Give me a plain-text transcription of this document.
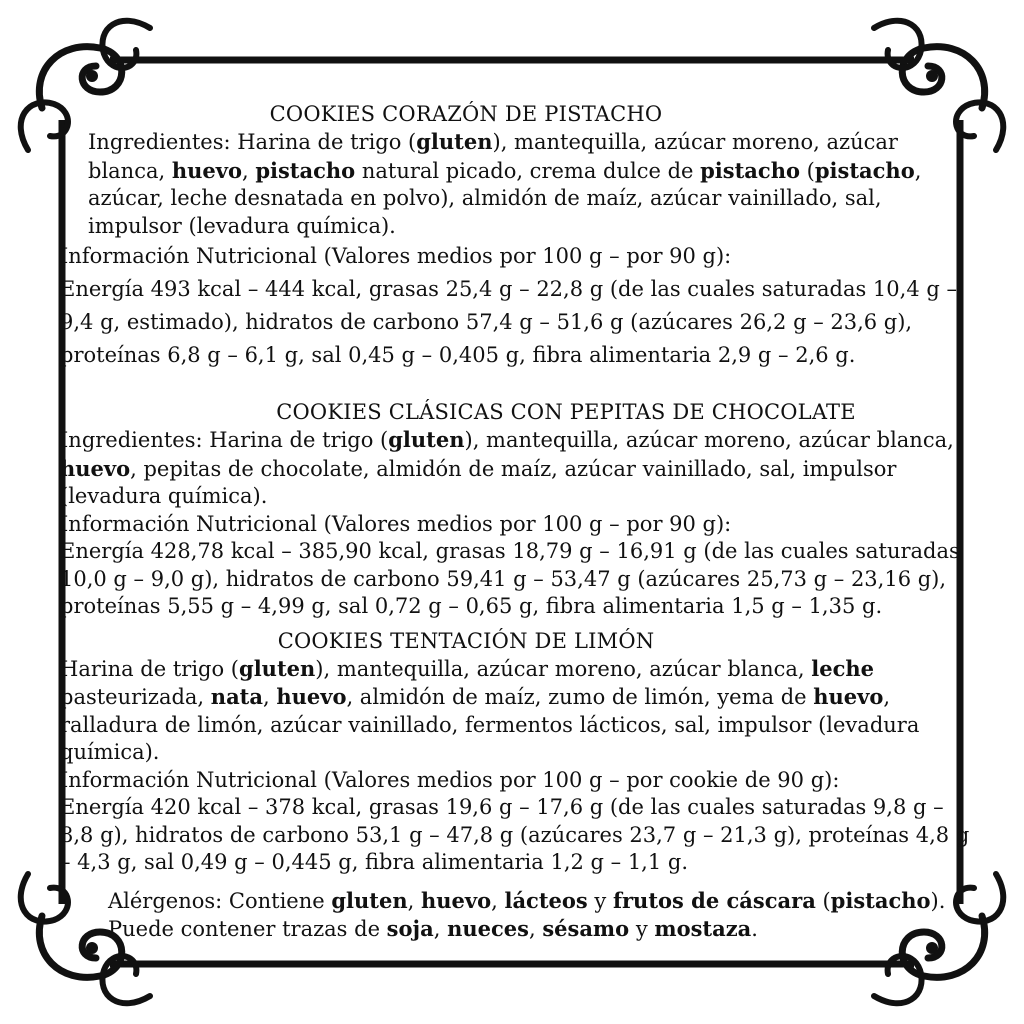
COOKIES CORAZÓN DE PISTACHO

Ingredientes: Harina de trigo (gluten), mantequilla, azúcar moreno, azúcar blanca, huevo, pistacho natural picado, crema dulce de pistacho (pistacho, azúcar, leche desnatada en polvo), almidón de maíz, azúcar vainillado, sal, impulsor (levadura química).

Información Nutricional (Valores medios por 100 g – por 90 g):

Energía 493 kcal – 444 kcal, grasas 25,4 g – 22,8 g (de las cuales saturadas 10,4 g – 9,4 g, estimado), hidratos de carbono 57,4 g – 51,6 g (azúcares 26,2 g – 23,6 g), proteínas 6,8 g – 6,1 g, sal 0,45 g – 0,405 g, fibra alimentaria 2,9 g – 2,6 g.

COOKIES CLÁSICAS CON PEPITAS DE CHOCOLATE

Ingredientes: Harina de trigo (gluten), mantequilla, azúcar moreno, azúcar blanca, huevo, pepitas de chocolate, almidón de maíz, azúcar vainillado, sal, impulsor (levadura química).

Información Nutricional (Valores medios por 100 g – por 90 g):

Energía 428,78 kcal – 385,90 kcal, grasas 18,79 g – 16,91 g (de las cuales saturadas 10,0 g – 9,0 g), hidratos de carbono 59,41 g – 53,47 g (azúcares 25,73 g – 23,16 g), proteínas 5,55 g – 4,99 g, sal 0,72 g – 0,65 g, fibra alimentaria 1,5 g – 1,35 g.

COOKIES TENTACIÓN DE LIMÓN

Harina de trigo (gluten), mantequilla, azúcar moreno, azúcar blanca, leche pasteurizada, nata, huevo, almidón de maíz, zumo de limón, yema de huevo, ralladura de limón, azúcar vainillado, fermentos lácticos, sal, impulsor (levadura química).

Información Nutricional (Valores medios por 100 g – por cookie de 90 g):

Energía 420 kcal – 378 kcal, grasas 19,6 g – 17,6 g (de las cuales saturadas 9,8 g – 8,8 g), hidratos de carbono 53,1 g – 47,8 g (azúcares 23,7 g – 21,3 g), proteínas 4,8 g – 4,3 g, sal 0,49 g – 0,445 g, fibra alimentaria 1,2 g – 1,1 g.

Alérgenos: Contiene gluten, huevo, lácteos y frutos de cáscara (pistacho). Puede contener trazas de soja, nueces, sésamo y mostaza.
